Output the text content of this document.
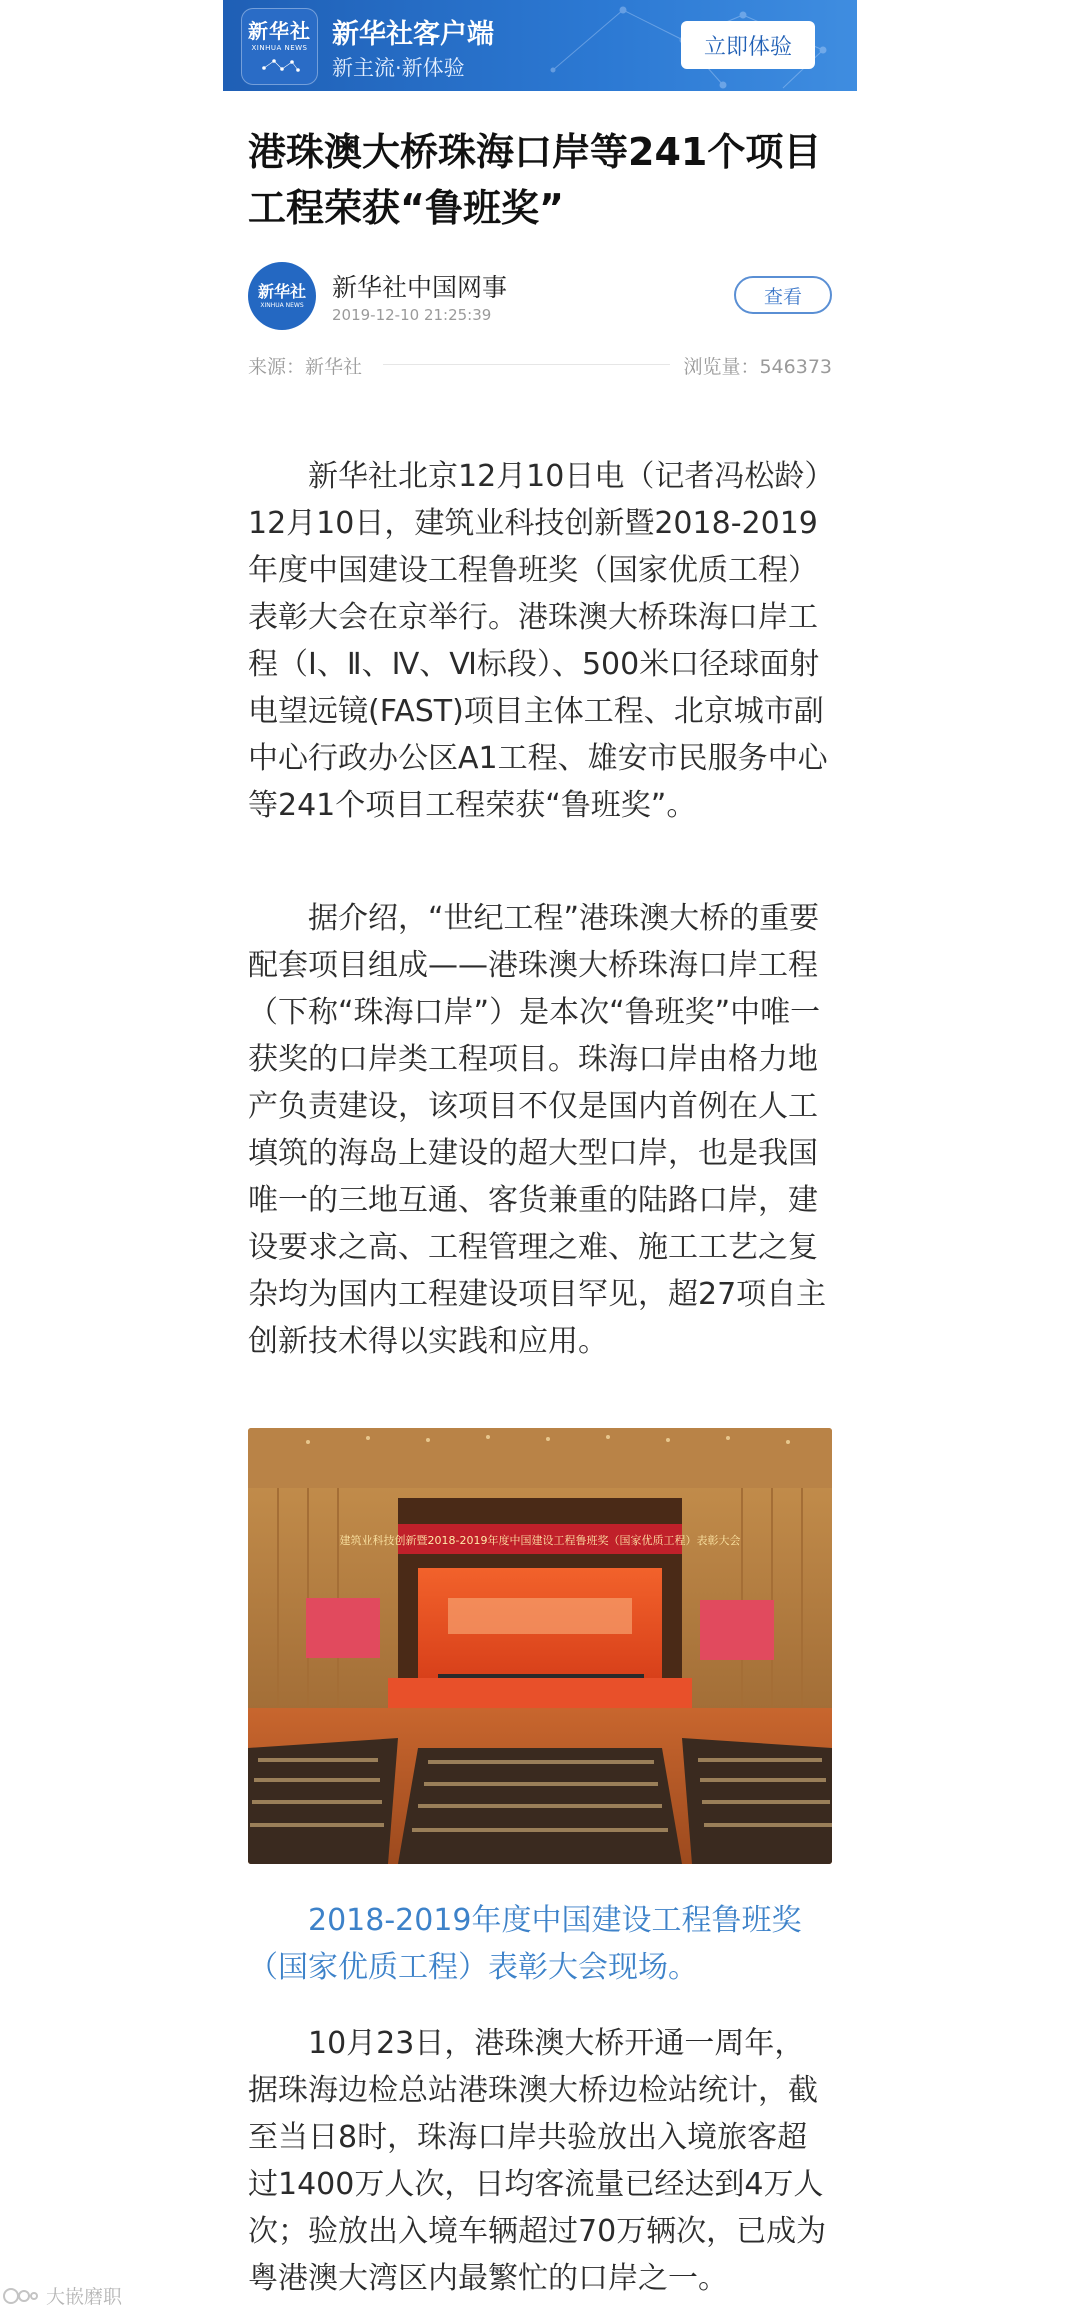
新华社
XINHUA NEWS 新华社客户端
新主流·新体验
立即体验
港珠澳大桥珠海口岸等241个项目工程荣获“鲁班奖”
新华社
XINHUA NEWS
新华社中国网事
2019-12-10 21:25:39
查看
来源：新华社	浏览量：546373

新华社北京12月10日电（记者冯松龄）12月10日，建筑业科技创新暨2018-2019年度中国建设工程鲁班奖（国家优质工程）表彰大会在京举行。港珠澳大桥珠海口岸工程（Ⅰ、Ⅱ、Ⅳ、Ⅵ标段）、500米口径球面射电望远镜(FAST)项目主体工程、北京城市副中心行政办公区A1工程、雄安市民服务中心等241个项目工程荣获“鲁班奖”。

据介绍，“世纪工程”港珠澳大桥的重要配套项目组成——港珠澳大桥珠海口岸工程（下称“珠海口岸”）是本次“鲁班奖”中唯一获奖的口岸类工程项目。珠海口岸由格力地产负责建设，该项目不仅是国内首例在人工填筑的海岛上建设的超大型口岸，也是我国唯一的三地互通、客货兼重的陆路口岸，建设要求之高、工程管理之难、施工工艺之复杂均为国内工程建设项目罕见，超27项自主创新技术得以实践和应用。

建筑业科技创新暨2018-2019年度中国建设工程鲁班奖（国家优质工程）表彰大会

2018-2019年度中国建设工程鲁班奖（国家优质工程）表彰大会现场。

10月23日，港珠澳大桥开通一周年，据珠海边检总站港珠澳大桥边检站统计，截至当日8时，珠海口岸共验放出入境旅客超过1400万人次，日均客流量已经达到4万人次；验放出入境车辆超过70万辆次，已成为粤港澳大湾区内最繁忙的口岸之一。

大嵌磨职
